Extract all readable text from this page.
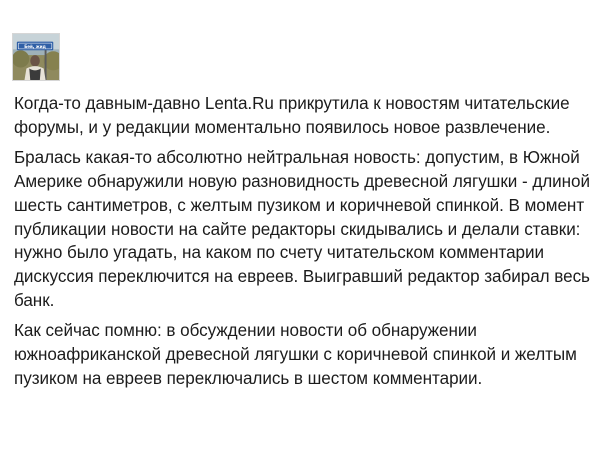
Бей, жид

Когда-то давным-давно Lenta.Ru прикрутила к новостям читательские форумы, и у редакции моментально появилось новое развлечение.

Бралась какая-то абсолютно нейтральная новость: допустим, в Южной Америке обнаружили новую разновидность древесной лягушки - длиной шесть сантиметров, с желтым пузиком и коричневой спинкой. В момент публикации новости на сайте редакторы скидывались и делали ставки: нужно было угадать, на каком по счету читательском комментарии дискуссия переключится на евреев. Выигравший редактор забирал весь банк.

Как сейчас помню: в обсуждении новости об обнаружении южноафриканской древесной лягушки с коричневой спинкой и желтым пузиком на евреев переключались в шестом комментарии.
